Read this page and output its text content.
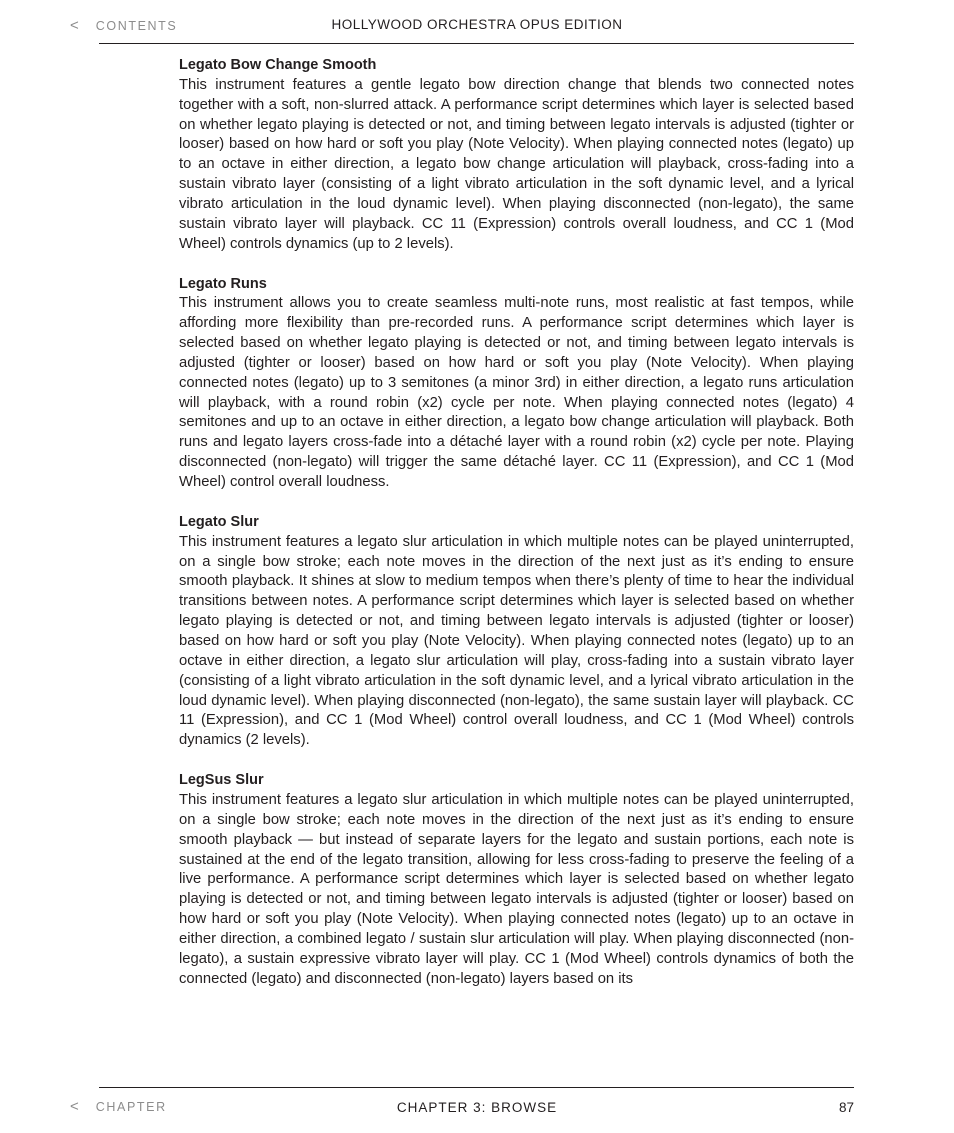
< CONTENTS	HOLLYWOOD ORCHESTRA OPUS EDITION
Legato Bow Change Smooth

This instrument features a gentle legato bow direction change that blends two connected notes together with a soft, non-slurred attack. A performance script determines which layer is selected based on whether legato playing is detected or not, and timing between legato intervals is adjusted (tighter or looser) based on how hard or soft you play (Note Velocity). When playing connected notes (legato) up to an octave in either direction, a legato bow change articulation will playback, cross-fading into a sustain vibrato layer (consisting of a light vibrato articulation in the soft dynamic level, and a lyrical vibrato articulation in the loud dynamic level). When playing disconnected (non-legato), the same sustain vibrato layer will playback. CC 11 (Expression) controls overall loudness, and CC 1 (Mod Wheel) controls dynamics (up to 2 levels).

Legato Runs

This instrument allows you to create seamless multi-note runs, most realistic at fast tempos, while affording more flexibility than pre-recorded runs. A performance script determines which layer is selected based on whether legato playing is detected or not, and timing between legato intervals is adjusted (tighter or looser) based on how hard or soft you play (Note Velocity). When playing connected notes (legato) up to 3 semitones (a minor 3rd) in either direction, a legato runs articulation will playback, with a round robin (x2) cycle per note. When playing connected notes (legato) 4 semitones and up to an octave in either direction, a legato bow change articulation will playback. Both runs and legato layers cross-fade into a détaché layer with a round robin (x2) cycle per note. Playing disconnected (non-legato) will trigger the same détaché layer. CC 11 (Expression), and CC 1 (Mod Wheel) control overall loudness.

Legato Slur

This instrument features a legato slur articulation in which multiple notes can be played uninterrupted, on a single bow stroke; each note moves in the direction of the next just as it’s ending to ensure smooth playback. It shines at slow to medium tempos when there’s plenty of time to hear the individual transitions between notes. A performance script determines which layer is selected based on whether legato playing is detected or not, and timing between legato intervals is adjusted (tighter or looser) based on how hard or soft you play (Note Velocity). When playing connected notes (legato) up to an octave in either direction, a legato slur articulation will play, cross-fading into a sustain vibrato layer (consisting of a light vibrato articulation in the soft dynamic level, and a lyrical vibrato articulation in the loud dynamic level). When playing disconnected (non-legato), the same sustain layer will playback. CC 11 (Expression), and CC 1 (Mod Wheel) control overall loudness, and CC 1 (Mod Wheel) controls dynamics (2 levels).

LegSus Slur

This instrument features a legato slur articulation in which multiple notes can be played uninterrupted, on a single bow stroke; each note moves in the direction of the next just as it’s ending to ensure smooth playback — but instead of separate layers for the legato and sustain portions, each note is sustained at the end of the legato transition, allowing for less cross-fading to preserve the feeling of a live performance. A performance script determines which layer is selected based on whether legato playing is detected or not, and timing between legato intervals is adjusted (tighter or looser) based on how hard or soft you play (Note Velocity). When playing connected notes (legato) up to an octave in either direction, a combined legato / sustain slur articulation will play. When playing disconnected (non-legato), a sustain expressive vibrato layer will play. CC 1 (Mod Wheel) controls dynamics of both the connected (legato) and disconnected (non-legato) layers based on its

< CHAPTER	CHAPTER 3: BROWSE	87
